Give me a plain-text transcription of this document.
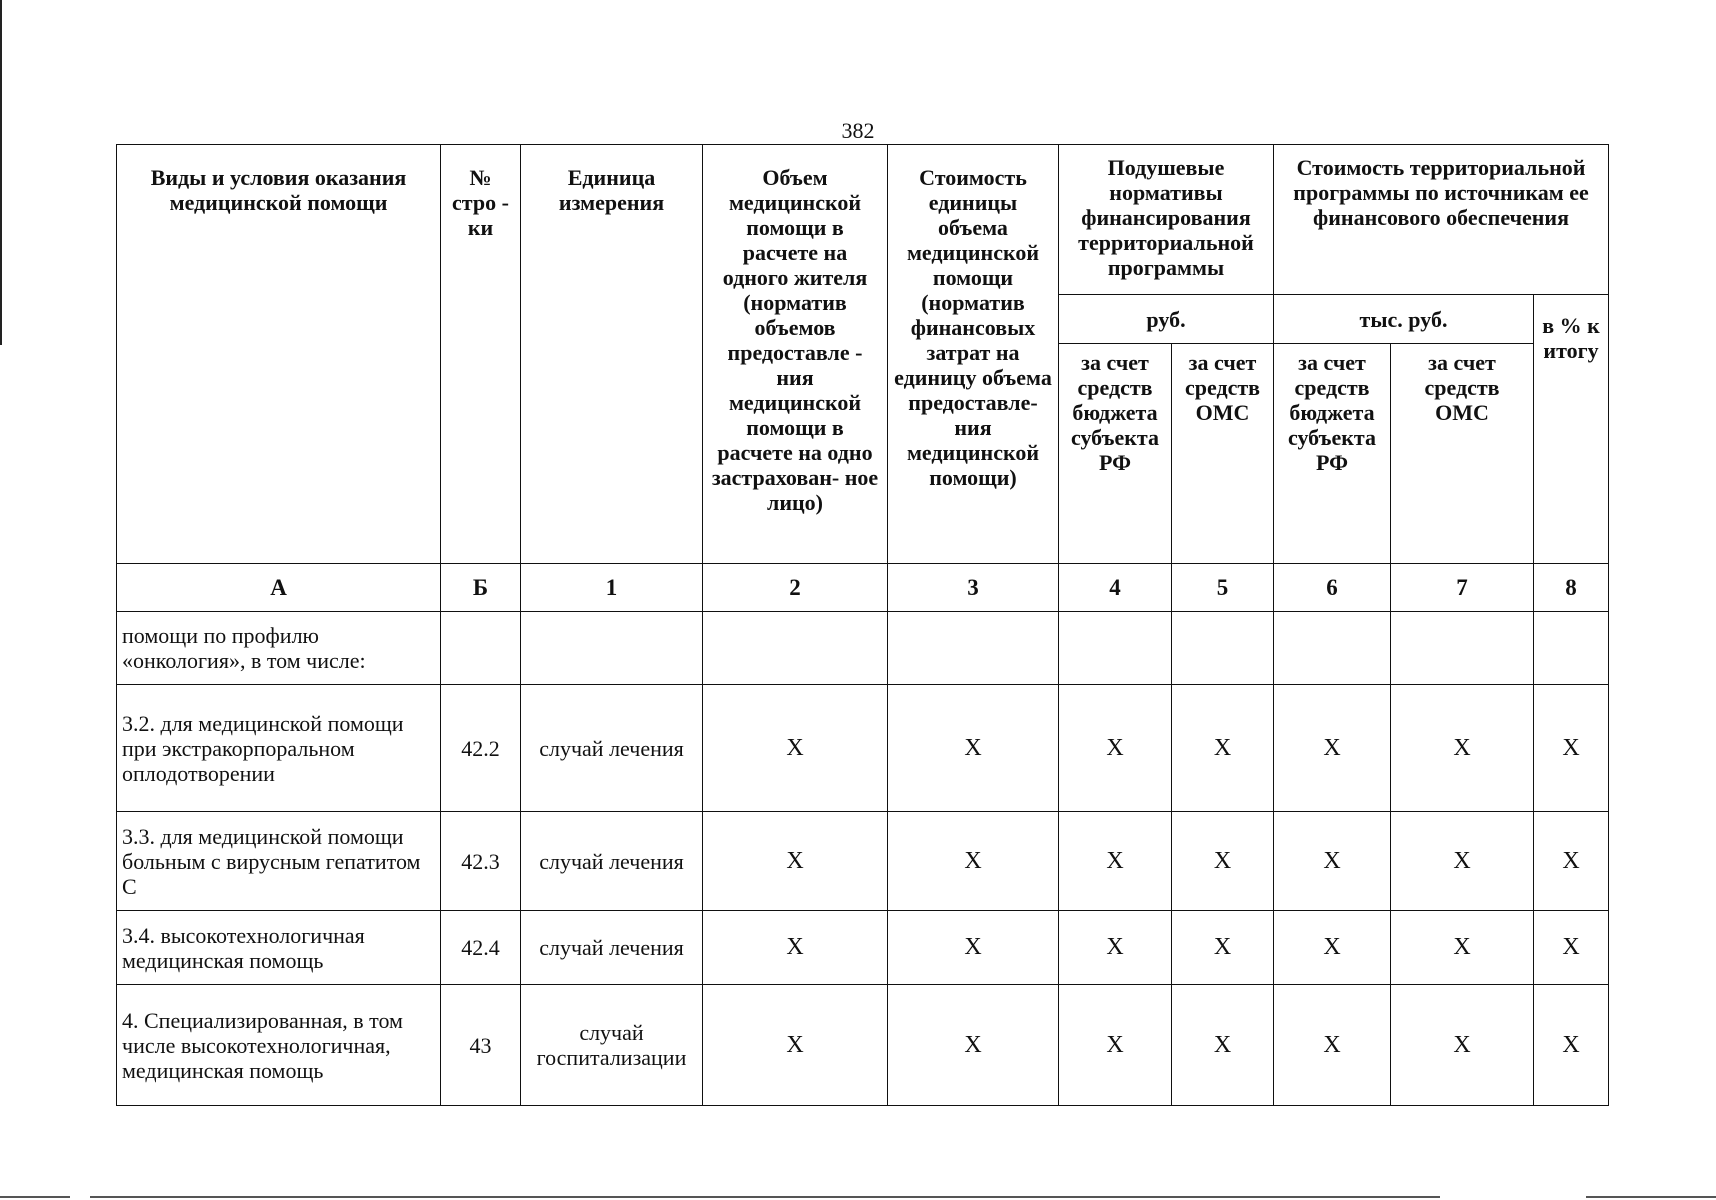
382
Виды и условия оказания медицинской помощи	№ стро - ки	Единица измерения	Объем медицинской помощи в расчете на одного жителя (норматив объемов предоставле - ния медицинской помощи в расчете на одно застрахован- ное лицо)	Стоимость единицы объема медицинской помощи (норматив финансовых затрат на единицу объема предоставле- ния медицинской помощи)	Подушевые нормативы финансирования территориальной программы		Стоимость территориальной программы по источникам ее финансового обеспечения		
					руб.		тыс. руб.		в % к итогу
					за счет средств бюджета субъекта РФ	за счет средств ОМС	за счет средств бюджета субъекта РФ	за счет средств ОМС	
А	Б	1	2	3	4	5	6	7	8
помощи по профилю «онкология», в том числе:									
3.2. для медицинской помощи при экстракорпоральном оплодотворении	42.2	случай лечения	X	X	X	X	X	X	X
3.3. для медицинской помощи больным с вирусным гепатитом С	42.3	случай лечения	X	X	X	X	X	X	X
3.4. высокотехнологичная медицинская помощь	42.4	случай лечения	X	X	X	X	X	X	X
4. Специализированная, в том числе высокотехнологичная, медицинская помощь	43	случай госпитализации	X	X	X	X	X	X	X
